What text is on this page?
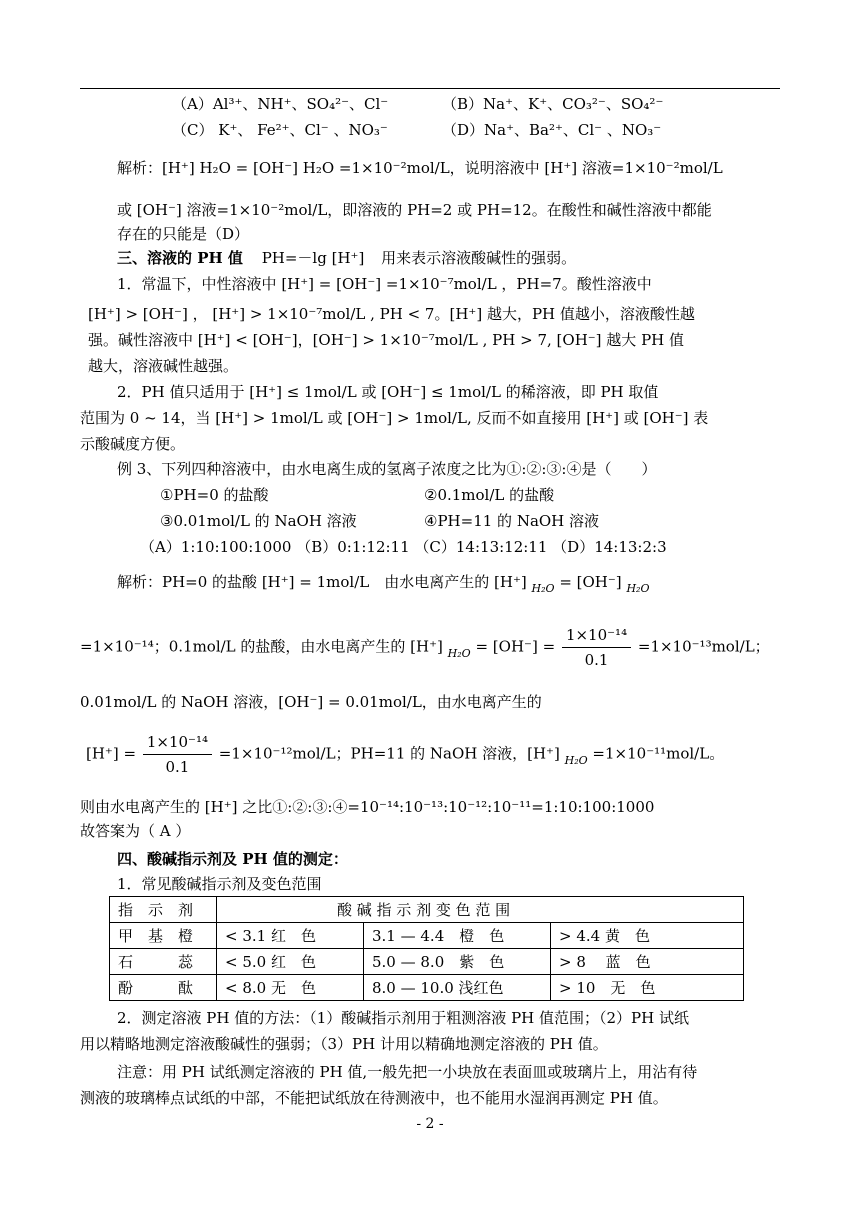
（A）Al³⁺、NH⁺、SO₄²⁻、Cl⁻	（B）Na⁺、K⁺、CO₃²⁻、SO₄²⁻
（C） K⁺、 Fe²⁺、Cl⁻ 、NO₃⁻	（D）Na⁺、Ba²⁺、Cl⁻ 、NO₃⁻
解析：[H⁺] H₂O = [OH⁻] H₂O =1×10⁻²mol/L，说明溶液中 [H⁺] 溶液=1×10⁻²mol/L
或 [OH⁻] 溶液=1×10⁻²mol/L，即溶液的 PH=2 或 PH=12。在酸性和碱性溶液中都能
存在的只能是（D）
三、溶液的 PH 值 PH=－lg [H⁺] 用来表示溶液酸碱性的强弱。
1．常温下，中性溶液中 [H⁺] = [OH⁻] =1×10⁻⁷mol/L ，PH=7。酸性溶液中
[H⁺] > [OH⁻] ， [H⁺] > 1×10⁻⁷mol/L , PH < 7。[H⁺] 越大，PH 值越小，溶液酸性越
强。碱性溶液中 [H⁺] < [OH⁻]，[OH⁻] > 1×10⁻⁷mol/L , PH > 7, [OH⁻] 越大 PH 值
越大，溶液碱性越强。
2．PH 值只适用于 [H⁺] ≤ 1mol/L 或 [OH⁻] ≤ 1mol/L 的稀溶液，即 PH 取值
范围为 0 ~ 14，当 [H⁺] > 1mol/L 或 [OH⁻] > 1mol/L, 反而不如直接用 [H⁺] 或 [OH⁻] 表
示酸碱度方便。
例 3、下列四种溶液中，由水电离生成的氢离子浓度之比为①:②:③:④是（　　）
①PH=0 的盐酸	②0.1mol/L 的盐酸
③0.01mol/L 的 NaOH 溶液	④PH=11 的 NaOH 溶液
（A）1:10:100:1000 （B）0:1:12:11 （C）14:13:12:11 （D）14:13:2:3
解析：PH=0 的盐酸 [H⁺] = 1mol/L　由水电离产生的 [H⁺] $_{H_2O}$ = [OH⁻] $_{H_2O}$
=1×10⁻¹⁴；0.1mol/L 的盐酸，由水电离产生的 [H⁺] $_{H_2O} = [OH^-] = \frac{\text{1×10⁻¹⁴}}{0.1} =1\times 10^{-13}mol/L$；
0.01mol/L 的 NaOH 溶液，[OH⁻] = 0.01mol/L，由水电离产生的
$[H^+] = \frac{\text{1×10⁻¹⁴}}{0.1} =1\times 10^{-12}mol/L$；PH=11 的 NaOH 溶液，[H⁺] $_{H_2O}$ =1×10⁻¹¹mol/L。
则由水电离产生的 [H⁺] 之比①:②:③:④=10⁻¹⁴:10⁻¹³:10⁻¹²:10⁻¹¹=1:10:100:1000
故答案为（ A ）
四、酸碱指示剂及 PH 值的测定：
1．常见酸碱指示剂及变色范围
指　示　剂	酸 碱 指 示 剂 变 色 范 围		
甲　基　橙	< 3.1 红　色	3.1 — 4.4　橙　色	> 4.4 黄　色
石　　　蕊	< 5.0 红　色	5.0 — 8.0　紫　色	> 8　 蓝　色
酚　　　酞	< 8.0 无　色	8.0 — 10.0 浅红色	> 10　无　色
2．测定溶液 PH 值的方法：（1）酸碱指示剂用于粗测溶液 PH 值范围；（2）PH 试纸
用以精略地测定溶液酸碱性的强弱；（3）PH 计用以精确地测定溶液的 PH 值。
注意：用 PH 试纸测定溶液的 PH 值,一般先把一小块放在表面皿或玻璃片上，用沾有待
测液的玻璃棒点试纸的中部，不能把试纸放在待测液中，也不能用水湿润再测定 PH 值。
- 2 -
